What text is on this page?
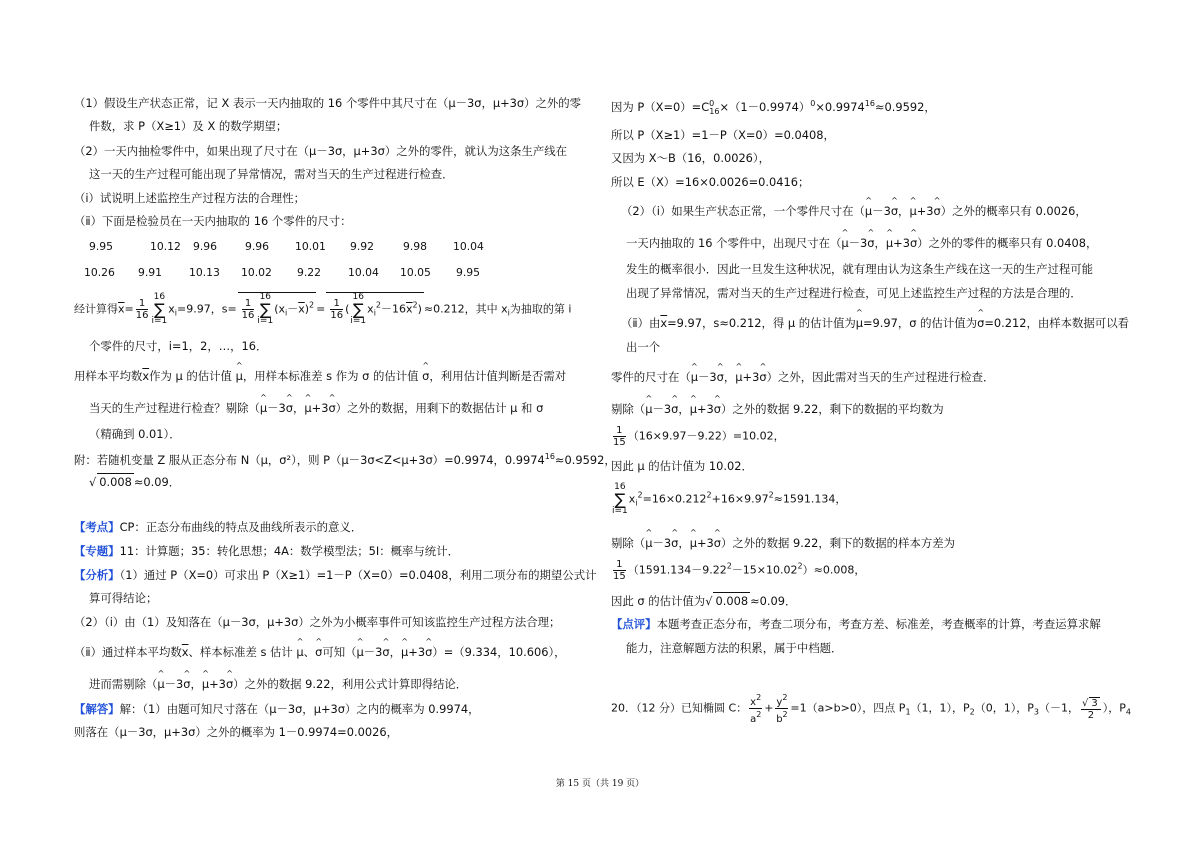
（1）假设生产状态正常，记 X 表示一天内抽取的 16 个零件中其尺寸在（μ－3σ，μ+3σ）之外的零
件数，求 P（X≥1）及 X 的数学期望；
（2）一天内抽检零件中，如果出现了尺寸在（μ－3σ，μ+3σ）之外的零件，就认为这条生产线在
这一天的生产过程可能出现了异常情况，需对当天的生产过程进行检查．
（ⅰ）试说明上述监控生产过程方法的合理性；
（ⅱ）下面是检验员在一天内抽取的 16 个零件的尺寸：
9.95	10.12 9.96	9.96 10.01 9.92	9.98 10.04
10.26 9.91 10.13 10.02 9.22 10.04 10.05 9.95
经计算得$\overline{x}= \frac{1}{16}$
16
∑
$i=1x_i=9.97$，$s= \frac{1}{16}$
16
∑
$i=1(x_i-\overline{x})^2 = \frac{1}{16} (16$
∑
$i=1x_i^2-16\overline{x}^2) \approx 0.212$，其中 $x_i$为抽取的第 i
个零件的尺寸，i=1，2，…，16．
用样本平均数$\overline{x}$作为 μ 的估计值 ^ μ，用样本标准差 s 作为 σ 的估计值 ^ σ，利用估计值判断是否需对
当天的生产过程进行检查？剔除（^ μ－3^ σ，^ μ+3^ σ）之外的数据，用剩下的数据估计 μ 和 σ
（精确到 0.01）．
附：若随机变量 Z 服从正态分布 N（μ，σ²），则 P（μ－3σ<Z<μ+3σ）=0.9974，$0.9974^{16}\approx 0.9592$，
√ 0.008 ≈0.09．
【考点】CP：正态分布曲线的特点及曲线所表示的意义．
【专题】11：计算题；35：转化思想；4A：数学模型法；5I：概率与统计．
【分析】（1）通过 P（X=0）可求出 P（X≥1）=1－P（X=0）=0.0408，利用二项分布的期望公式计
算可得结论；
（2）（ⅰ）由（1）及知落在（μ－3σ，μ+3σ）之外为小概率事件可知该监控生产过程方法合理；
（ⅱ）通过样本平均数$\overline{x}$、样本标准差 s 估计 ^ μ、^ σ可知（^ μ－3^ σ，^ μ+3^ σ）=（9.334，10.606），
进而需剔除（^ μ－3^ σ，^ μ+3^ σ）之外的数据 9.22，利用公式计算即得结论．
【解答】解：（1）由题可知尺寸落在（μ－3σ，μ+3σ）之内的概率为 0.9974，
则落在（μ－3σ，μ+3σ）之外的概率为 1－0.9974=0.0026，
因为 $P(X=0)=C^0_{16}\times(1-0.9974)^0\times 0.9974^{16}\approx 0.9592$，
所以 P（X≥1）=1－P（X=0）=0.0408，
又因为 X～B（16，0.0026），
所以 E（X）=16×0.0026=0.0416；
（2）（ⅰ）如果生产状态正常，一个零件尺寸在（^ μ－3^ σ，^ μ+3^ σ）之外的概率只有 0.0026，
一天内抽取的 16 个零件中，出现尺寸在（^ μ－3^ σ，^ μ+3^ σ）之外的零件的概率只有 0.0408，
发生的概率很小．因此一旦发生这种状况，就有理由认为这条生产线在这一天的生产过程可能
出现了异常情况，需对当天的生产过程进行检查，可见上述监控生产过程的方法是合理的．
（ⅱ）由$\overline{x}=9.97$，s≈0.212，得 μ 的估计值为^ μ=9.97，σ 的估计值为^ σ=0.212，由样本数据可以看
出一个
零件的尺寸在（^ μ－3^ σ，^ μ+3^ σ）之外，因此需对当天的生产过程进行检查．
剔除（^ μ－3^ σ，^ μ+3^ σ）之外的数据 9.22，剩下的数据的平均数为
$\frac{1}{15} (16\times 9.97-9.22)=10.02$，
因此 μ 的估计值为 10.02．
16
∑
$i=1x_i^2=16\times 0.212^2+16\times 9.97^2\approx 1591.134$，
剔除（^ μ－3^ σ，^ μ+3^ σ）之外的数据 9.22，剩下的数据的样本方差为
$\frac{1}{15} (1591.134-9.22^2-15\times 10.02^2)\approx 0.008$，
因此 σ 的估计值为√ 0.008 ≈0.09．
【点评】本题考查正态分布，考查二项分布，考查方差、标准差，考查概率的计算，考查运算求解
能力，注意解题方法的积累，属于中档题．
20．（12 分）已知椭圆 C： $\frac{x^2}{a^2} + \frac{y^2}{b^2} =1(a>b>0)$，四点 $P_1(1$，1），$P_2(0$，1），$P_3(-1$， $\frac{√ 3}{2}$ ），$P_4$
第 15 页（共 19 页）
